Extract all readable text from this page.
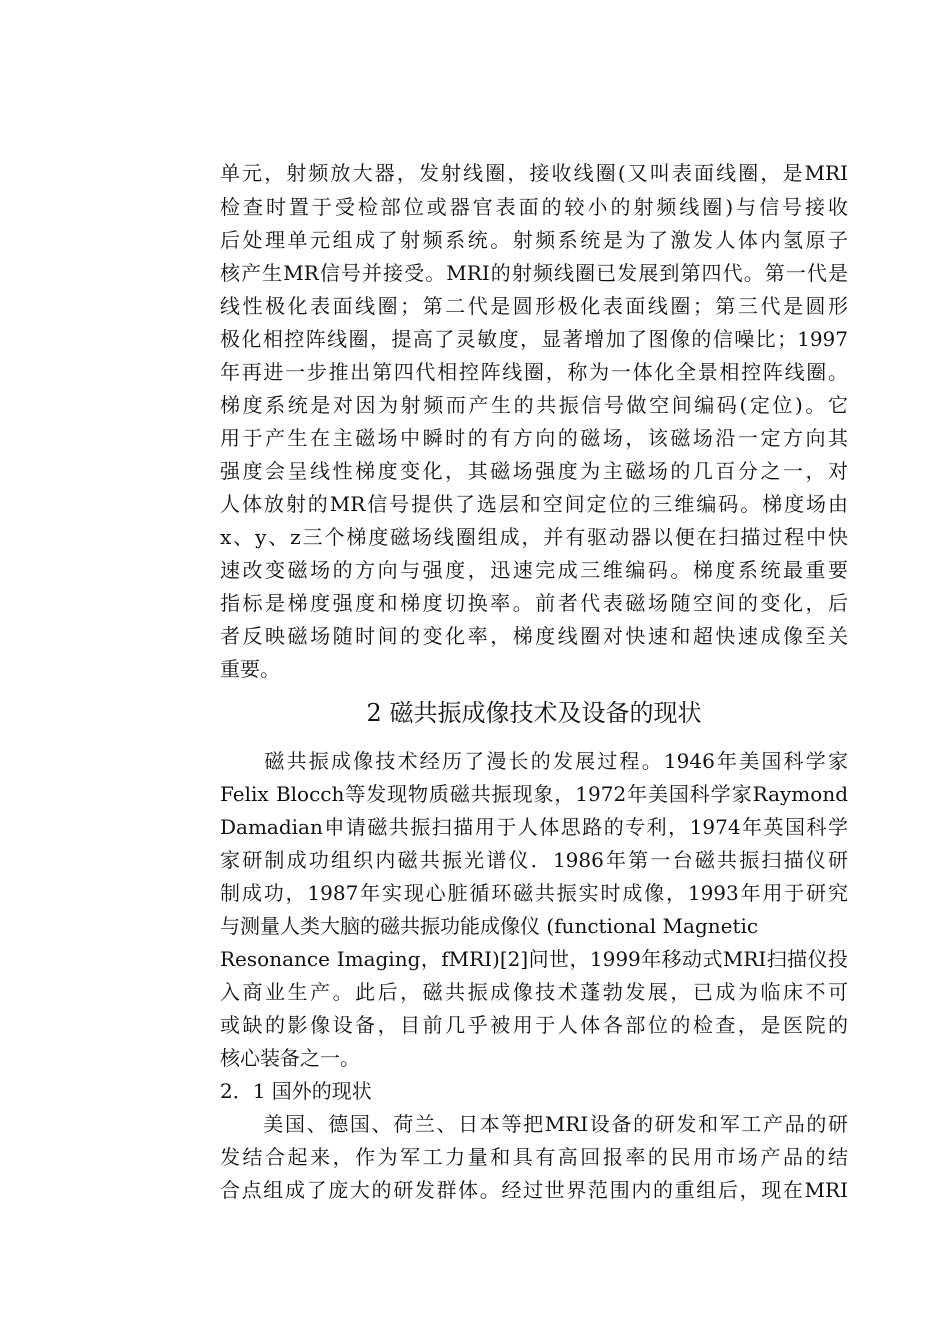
单元，射频放大器，发射线圈，接收线圈(又叫表面线圈，是MRI
检查时置于受检部位或器官表面的较小的射频线圈)与信号接收
后处理单元组成了射频系统。射频系统是为了激发人体内氢原子
核产生MR信号并接受。MRI的射频线圈已发展到第四代。第一代是
线性极化表面线圈；第二代是圆形极化表面线圈；第三代是圆形
极化相控阵线圈，提高了灵敏度，显著增加了图像的信噪比；1997
年再进一步推出第四代相控阵线圈，称为一体化全景相控阵线圈。
梯度系统是对因为射频而产生的共振信号做空间编码(定位)。它
用于产生在主磁场中瞬时的有方向的磁场，该磁场沿一定方向其
强度会呈线性梯度变化，其磁场强度为主磁场的几百分之一，对
人体放射的MR信号提供了选层和空间定位的三维编码。梯度场由
x、y、z三个梯度磁场线圈组成，并有驱动器以便在扫描过程中快
速改变磁场的方向与强度，迅速完成三维编码。梯度系统最重要
指标是梯度强度和梯度切换率。前者代表磁场随空间的变化，后
者反映磁场随时间的变化率，梯度线圈对快速和超快速成像至关
重要。
2 磁共振成像技术及设备的现状
　　磁共振成像技术经历了漫长的发展过程。1946年美国科学家
Felix Blocch等发现物质磁共振现象，1972年美国科学家Raymond
Damadian申请磁共振扫描用于人体思路的专利，1974年英国科学
家研制成功组织内磁共振光谱仪．1986年第一台磁共振扫描仪研
制成功，1987年实现心脏循环磁共振实时成像，1993年用于研究
与测量人类大脑的磁共振功能成像仪 (functional Magnetic
Resonance Imaging，fMRI)[2]问世，1999年移动式MRI扫描仪投
入商业生产。此后，磁共振成像技术蓬勃发展，已成为临床不可
或缺的影像设备，目前几乎被用于人体各部位的检查，是医院的
核心装备之一。
2．1 国外的现状
　　美国、德国、荷兰、日本等把MRI设备的研发和军工产品的研
发结合起来，作为军工力量和具有高回报率的民用市场产品的结
合点组成了庞大的研发群体。经过世界范围内的重组后，现在MRI
